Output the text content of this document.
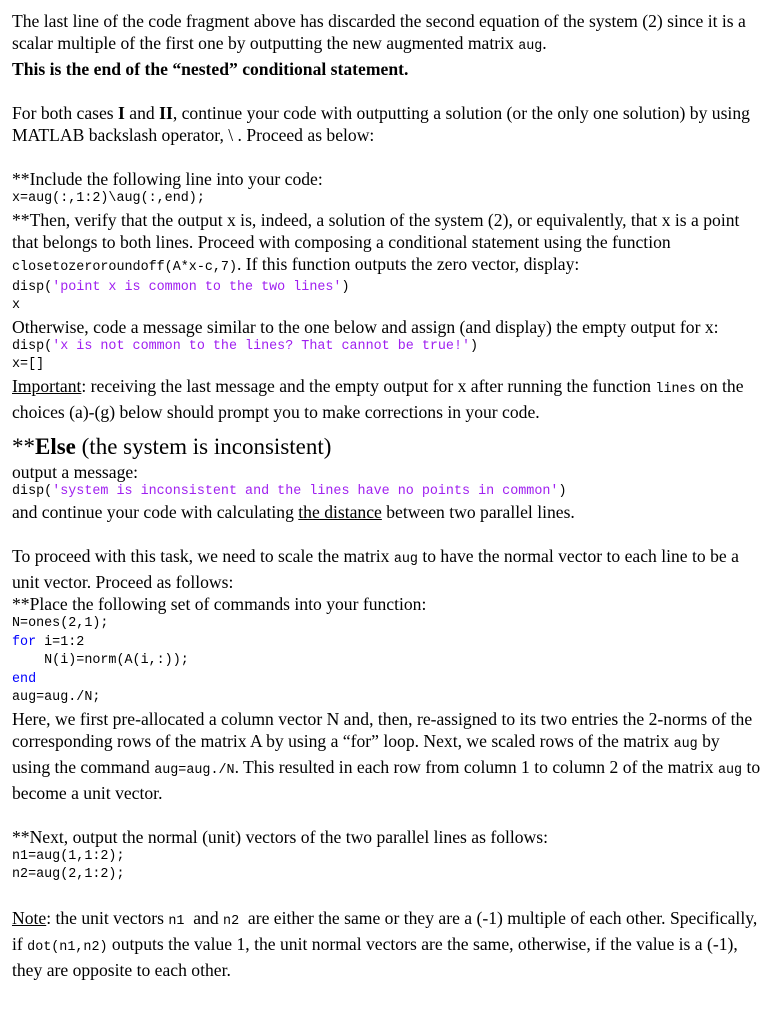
The last line of the code fragment above has discarded the second equation of the system (2) since it is a scalar multiple of the first one by outputting the new augmented matrix aug.
This is the end of the “nested” conditional statement.

For both cases I and II, continue your code with outputting a solution (or the only one solution) by using MATLAB backslash operator, \ . Proceed as below:

**Include the following line into your code:

x=aug(:,1:2)\aug(:,end);

**Then, verify that the output x is, indeed, a solution of the system (2), or equivalently, that x is a point that belongs to both lines. Proceed with composing a conditional statement using the function closetozeroroundoff(A*x-c,7). If this function outputs the zero vector, display:

disp('point x is common to the two lines')
x

Otherwise, code a message similar to the one below and assign (and display) the empty output for x:

disp('x is not common to the lines? That cannot be true!')
x=[]

Important: receiving the last message and the empty output for x after running the function lines on the choices (a)-(g) below should prompt you to make corrections in your code.

**Else (the system is inconsistent)

output a message:

disp('system is inconsistent and the lines have no points in common')

and continue your code with calculating the distance between two parallel lines.

To proceed with this task, we need to scale the matrix aug to have the normal vector to each line to be a unit vector. Proceed as follows:

**Place the following set of commands into your function:

N=ones(2,1);
for i=1:2
N(i)=norm(A(i,:));
end
aug=aug./N;

Here, we first pre-allocated a column vector N and, then, re-assigned to its two entries the 2-norms of the corresponding rows of the matrix A by using a “for” loop. Next, we scaled rows of the matrix aug by using the command aug=aug./N. This resulted in each row from column 1 to column 2 of the matrix aug to become a unit vector.

**Next, output the normal (unit) vectors of the two parallel lines as follows:

n1=aug(1,1:2);
n2=aug(2,1:2);

Note: the unit vectors n1  and n2  are either the same or they are a (-1) multiple of each other. Specifically, if dot(n1,n2) outputs the value 1, the unit normal vectors are the same, otherwise, if the value is a (-1), they are opposite to each other.
